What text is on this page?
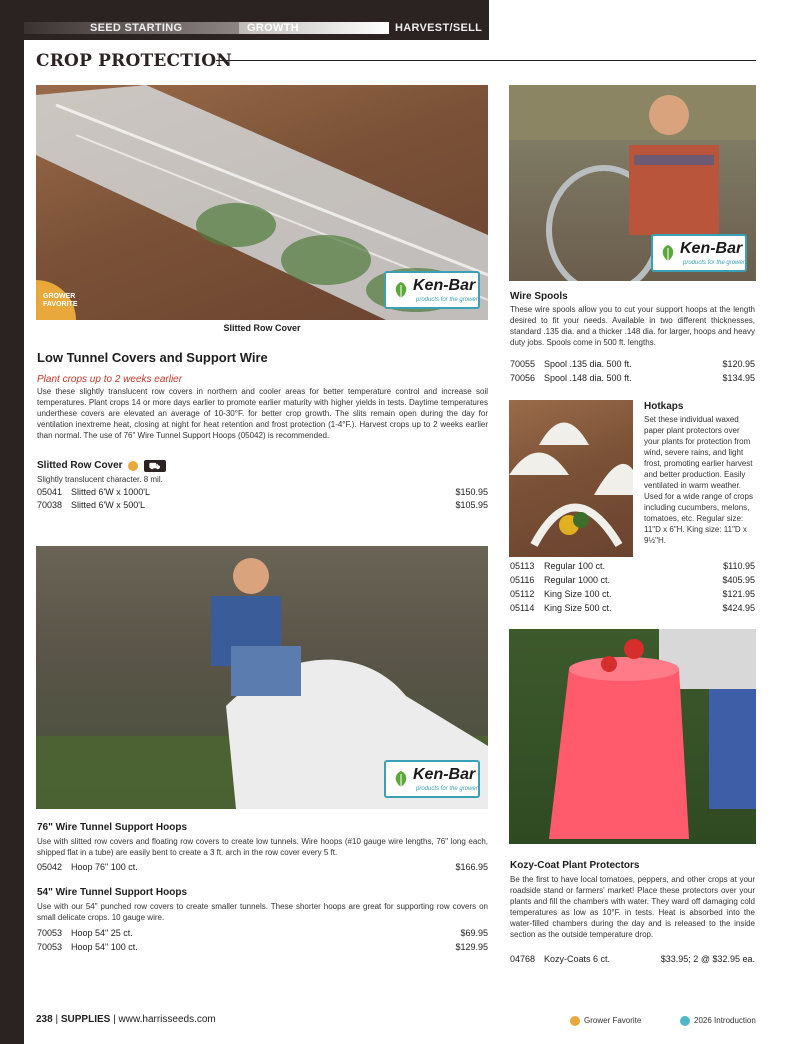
SEED STARTING	GROWTH	HARVEST/SELL
CROP PROTECTION
GROWER FAVORITE
Ken-Bar
products for the grower
Slitted Row Cover
Low Tunnel Covers and Support Wire
Plant crops up to 2 weeks earlier
Use these slightly translucent row covers in northern and cooler areas for better temperature control and increase soil temperatures. Plant crops 14 or more days earlier to promote earlier maturity with higher yields in tests. Daytime temperatures underthese covers are elevated an average of 10-30°F. for better crop growth. The slits remain open during the day for ventilation inextreme heat, closing at night for heat retention and frost protection (1-4°F.). Harvest crops up to 2 weeks earlier than normal. The use of 76" Wire Tunnel Support Hoops (05042) is recommended.
Slitted Row Cover	⛟
Slightly translucent character. 8 mil.
05041 Slitted 6'W x 1000'L	$150.95
70038 Slitted 6'W x 500'L	$105.95
Ken-Bar
products for the grower
76" Wire Tunnel Support Hoops
Use with slitted row covers and floating row covers to create low tunnels. Wire hoops (#10 gauge wire lengths, 76" long each, shipped flat in a tube) are easily bent to create a 3 ft. arch in the row cover every 5 ft.
05042 Hoop 76" 100 ct.	$166.95
54" Wire Tunnel Support Hoops
Use with our 54" punched row covers to create smaller tunnels. These shorter hoops are great for supporting row covers on small delicate crops. 10 gauge wire.
70053 Hoop 54" 25 ct.	$69.95
70053 Hoop 54" 100 ct.	$129.95
Ken-Bar
products for the grower
Wire Spools
These wire spools allow you to cut your support hoops at the length desired to fit your needs. Available in two different thicknesses, standard .135 dia. and a thicker .148 dia. for larger, hoops and heavy duty jobs. Spools come in 500 ft. lengths.
70055 Spool .135 dia. 500 ft.	$120.95
70056 Spool .148 dia. 500 ft.	$134.95
Hotkaps
Set these individual waxed paper plant protectors over your plants for protection from wind, severe rains, and light frost, promoting earlier harvest and better production. Easily ventilated in warm weather. Used for a wide range of crops including cucumbers, melons, tomatoes, etc. Regular size: 11"D x 6"H. King size: 11"D x 9½"H.
05113	Regular 100 ct.	$110.95
05116	Regular 1000 ct.	$405.95
05112	King Size 100 ct.	$121.95
05114	King Size 500 ct.	$424.95
Kozy-Coat Plant Protectors
Be the first to have local tomatoes, peppers, and other crops at your roadside stand or farmers' market! Place these protectors over your plants and fill the chambers with water. They ward off damaging cold temperatures as low as 10°F. in tests. Heat is absorbed into the water-filled chambers during the day and is released to the inside section as the outside temperature drop.
04768 Kozy-Coats 6 ct.	$33.95; 2 @ $32.95 ea.
238 | SUPPLIES | www.harrisseeds.com	Grower Favorite	2026 Introduction
